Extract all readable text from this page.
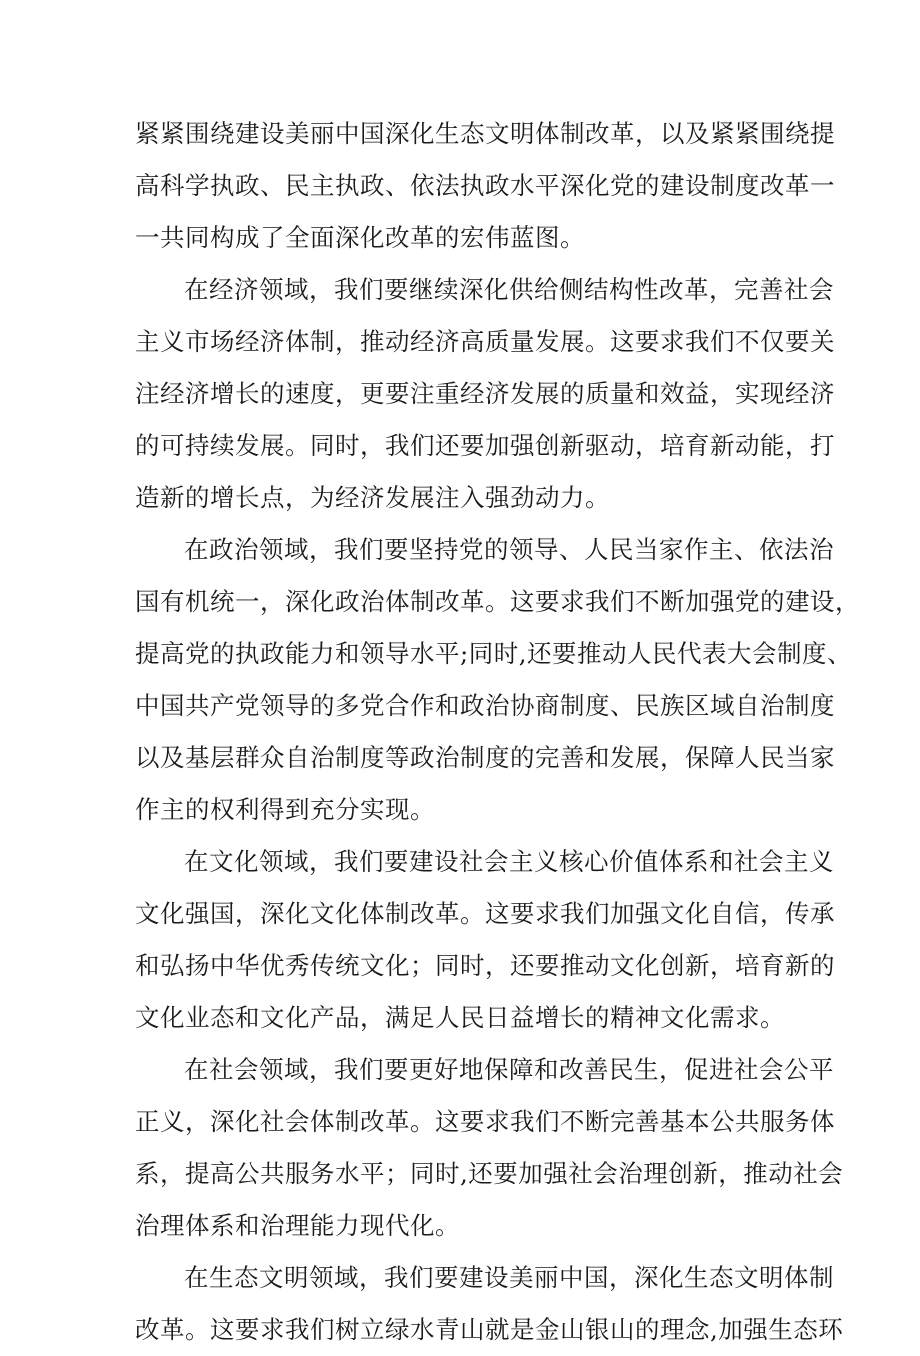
紧紧围绕建设美丽中国深化生态文明体制改革，以及紧紧围绕提
高科学执政、民主执政、依法执政水平深化党的建设制度改革一
一共同构成了全面深化改革的宏伟蓝图。
在经济领域，我们要继续深化供给侧结构性改革，完善社会
主义市场经济体制，推动经济高质量发展。这要求我们不仅要关
注经济增长的速度，更要注重经济发展的质量和效益，实现经济
的可持续发展。同时，我们还要加强创新驱动，培育新动能，打
造新的增长点，为经济发展注入强劲动力。
在政治领域，我们要坚持党的领导、人民当家作主、依法治
国有机统一，深化政治体制改革。这要求我们不断加强党的建设，
提高党的执政能力和领导水平;同时,还要推动人民代表大会制度、
中国共产党领导的多党合作和政治协商制度、民族区域自治制度
以及基层群众自治制度等政治制度的完善和发展，保障人民当家
作主的权利得到充分实现。
在文化领域，我们要建设社会主义核心价值体系和社会主义
文化强国，深化文化体制改革。这要求我们加强文化自信，传承
和弘扬中华优秀传统文化；同时，还要推动文化创新，培育新的
文化业态和文化产品，满足人民日益增长的精神文化需求。
在社会领域，我们要更好地保障和改善民生，促进社会公平
正义，深化社会体制改革。这要求我们不断完善基本公共服务体
系，提高公共服务水平；同时,还要加强社会治理创新，推动社会
治理体系和治理能力现代化。
在生态文明领域，我们要建设美丽中国，深化生态文明体制
改革。这要求我们树立绿水青山就是金山银山的理念,加强生态环
